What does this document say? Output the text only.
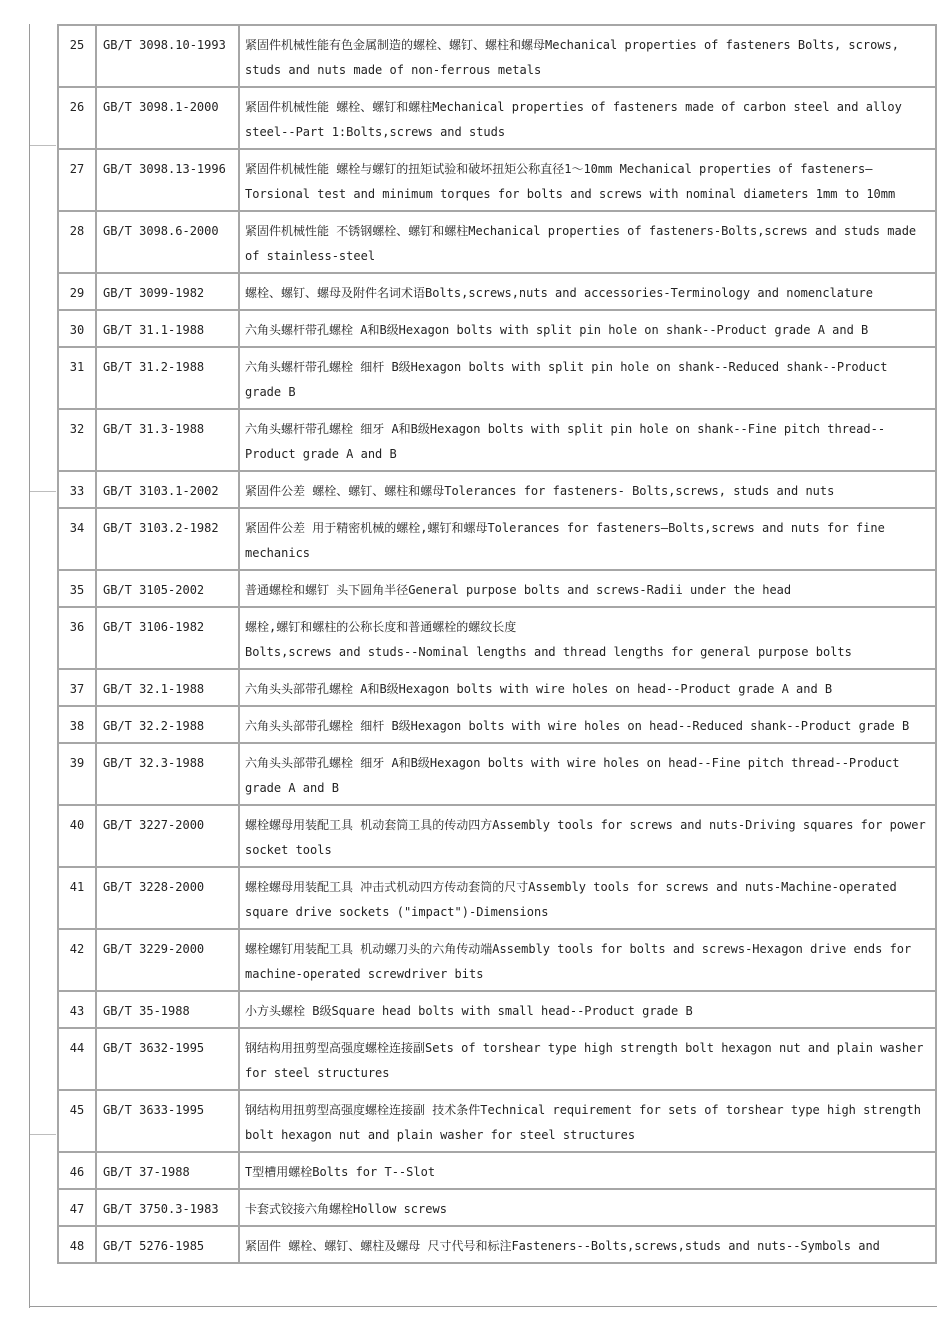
25	GB/T 3098.10-1993	紧固件机械性能有色金属制造的螺栓、螺钉、螺柱和螺母Mechanical properties of fasteners Bolts, scrows, studs and nuts made of non-ferrous metals
26	GB/T 3098.1-2000	紧固件机械性能 螺栓、螺钉和螺柱Mechanical properties of fasteners made of carbon steel and alloy steel--Part 1:Bolts,screws and studs
27	GB/T 3098.13-1996	紧固件机械性能 螺栓与螺钉的扭矩试验和破坏扭矩公称直径1～10mm Mechanical properties of fasteners—Torsional test and minimum torques for bolts and screws with nominal diameters 1mm to 10mm
28	GB/T 3098.6-2000	紧固件机械性能 不锈钢螺栓、螺钉和螺柱Mechanical properties of fasteners-Bolts,screws and studs made of stainless-steel
29	GB/T 3099-1982	螺栓、螺钉、螺母及附件名词术语Bolts,screws,nuts and accessories-Terminology and nomenclature
30	GB/T 31.1-1988	六角头螺杆带孔螺栓 A和B级Hexagon bolts with split pin hole on shank--Product grade A and B
31	GB/T 31.2-1988	六角头螺杆带孔螺栓 细杆 B级Hexagon bolts with split pin hole on shank--Reduced shank--Product grade B
32	GB/T 31.3-1988	六角头螺杆带孔螺栓 细牙 A和B级Hexagon bolts with split pin hole on shank--Fine pitch thread--Product grade A and B
33	GB/T 3103.1-2002	紧固件公差 螺栓、螺钉、螺柱和螺母Tolerances for fasteners- Bolts,screws, studs and nuts
34	GB/T 3103.2-1982	紧固件公差 用于精密机械的螺栓,螺钉和螺母Tolerances for fasteners—Bolts,screws and nuts for fine mechanics
35	GB/T 3105-2002	普通螺栓和螺钉 头下圆角半径General purpose bolts and screws-Radii under the head
36	GB/T 3106-1982	螺栓,螺钉和螺柱的公称长度和普通螺栓的螺纹长度
Bolts,screws and studs--Nominal lengths and thread lengths for general purpose bolts
37	GB/T 32.1-1988	六角头头部带孔螺栓 A和B级Hexagon bolts with wire holes on head--Product grade A and B
38	GB/T 32.2-1988	六角头头部带孔螺栓 细杆 B级Hexagon bolts with wire holes on head--Reduced shank--Product grade B
39	GB/T 32.3-1988	六角头头部带孔螺栓 细牙 A和B级Hexagon bolts with wire holes on head--Fine pitch thread--Product grade A and B
40	GB/T 3227-2000	螺栓螺母用装配工具 机动套筒工具的传动四方Assembly tools for screws and nuts-Driving squares for power socket tools
41	GB/T 3228-2000	螺栓螺母用装配工具 冲击式机动四方传动套筒的尺寸Assembly tools for screws and nuts-Machine-operated square drive sockets ("impact")-Dimensions
42	GB/T 3229-2000	螺栓螺钉用装配工具 机动螺刀头的六角传动端Assembly tools for bolts and screws-Hexagon drive ends for machine-operated screwdriver bits
43	GB/T 35-1988	小方头螺栓 B级Square head bolts with small head--Product grade B
44	GB/T 3632-1995	钢结构用扭剪型高强度螺栓连接副Sets of torshear type high strength bolt hexagon nut and plain washer for steel structures
45	GB/T 3633-1995	钢结构用扭剪型高强度螺栓连接副 技术条件Technical requirement for sets of torshear type high strength bolt hexagon nut and plain washer for steel structures
46	GB/T 37-1988	T型槽用螺栓Bolts for T--Slot
47	GB/T 3750.3-1983	卡套式铰接六角螺栓Hollow screws
48	GB/T 5276-1985	紧固件 螺栓、螺钉、螺柱及螺母 尺寸代号和标注Fasteners--Bolts,screws,studs and nuts--Symbols and
